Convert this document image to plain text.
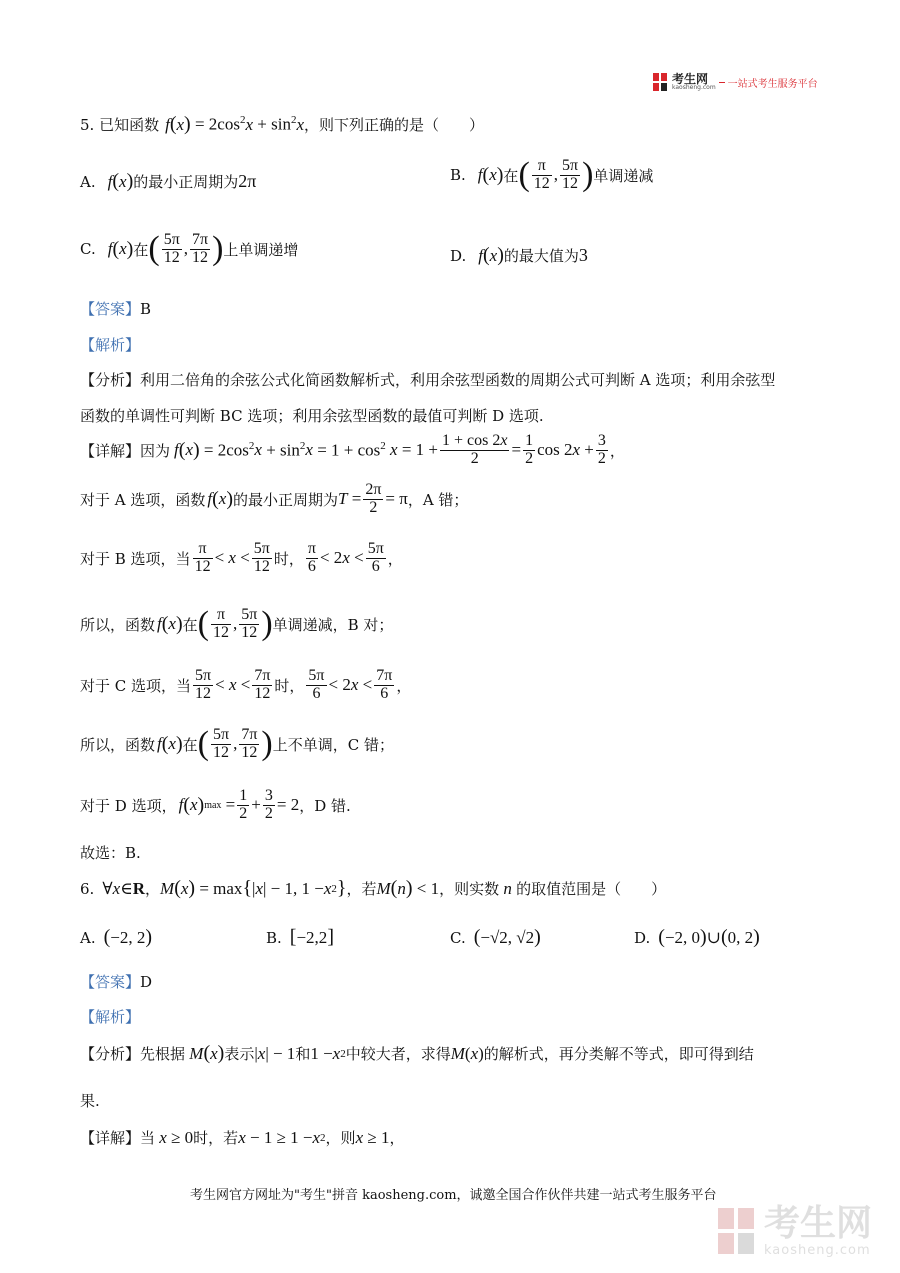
考生网
kaosheng.com 一站式考生服务平台
5. 已知函数 f ( x ) = $2\cos^2$ $x + \sin^2 x$ ，则下列正确的是（　　）
A. f ( x ) 的最小正周期为 2π	B. f ( x ) 在 ( $\frac{\pi}{12}$ , $\frac{5\pi}{12}$ ) 单调递减
C. f ( x ) 在 ( $\frac{5\pi}{12}$ , $\frac{7\pi}{12}$ ) 上单调递增	D. f ( x ) 的最大值为 3
【答案】 B
【解析】
【分析】利用二倍角的余弦公式化简函数解析式，利用余弦型函数的周期公式可判断 A 选项；利用余弦型
函数的单调性可判断 BC 选项；利用余弦型函数的最值可判断 D 选项.
【详解】 因为 f ( x ) = $2\cos^2$ $x + \sin^2 x = 1 + \cos^2 x = 1 + \frac{1 + \cos 2x}{2} = \frac{1}{2}$ cos 2 $x + \frac{3}{2}$ ，
对于 A 选项，函数 f ( x ) 的最小正周期为 $T = \frac{2\pi}{2} = \pi$ ，A 错；
对于 B 选项，当 $\frac{\pi}{12} < x < \frac{5\pi}{12}$ 时， $\frac{\pi}{6} < 2$ $x < \frac{5\pi}{6}$ ，
所以，函数 f ( x ) 在 ( $\frac{\pi}{12}$ , $\frac{5\pi}{12}$ ) 单调递减，B 对；
对于 C 选项，当 $\frac{5\pi}{12} < x < \frac{7\pi}{12}$ 时， $\frac{5\pi}{6} < 2$ $x < \frac{7\pi}{6}$ ，
所以，函数 f ( x ) 在 ( $\frac{5\pi}{12}$ , $\frac{7\pi}{12}$ ) 上不单调，C 错；
对于 D 选项， f ( x ) $\max = \frac{1}{2} + \frac{3}{2} = 2$ ，D 错.
故选：B.
6. ∀ x ∈ R ， M ( x ) = max { | x | − 1, 1 − x 2 } ，若 M ( n ) < 1 ，则实数 n 的取值范围是（　　）
A. ( −2, 2 )	B. [ −2,2 ]	C. ( −√2, √2 )	D. ( −2, 0 ) ∪ ( 0, 2 )
【答案】 D
【解析】
【分析】 先根据 M ( x ) 表示 | x | − 1 和 1 − x 2 中较大者，求得 M ( x ) 的解析式，再分类解不等式，即可得到结
果.
【详解】 当 x ≥ 0 时，若 x − 1 ≥ 1 − x 2 ，则 x ≥ 1 ，
考生网官方网址为"考生"拼音 kaosheng.com，诚邀全国合作伙伴共建一站式考生服务平台
考生网
kaosheng.com
